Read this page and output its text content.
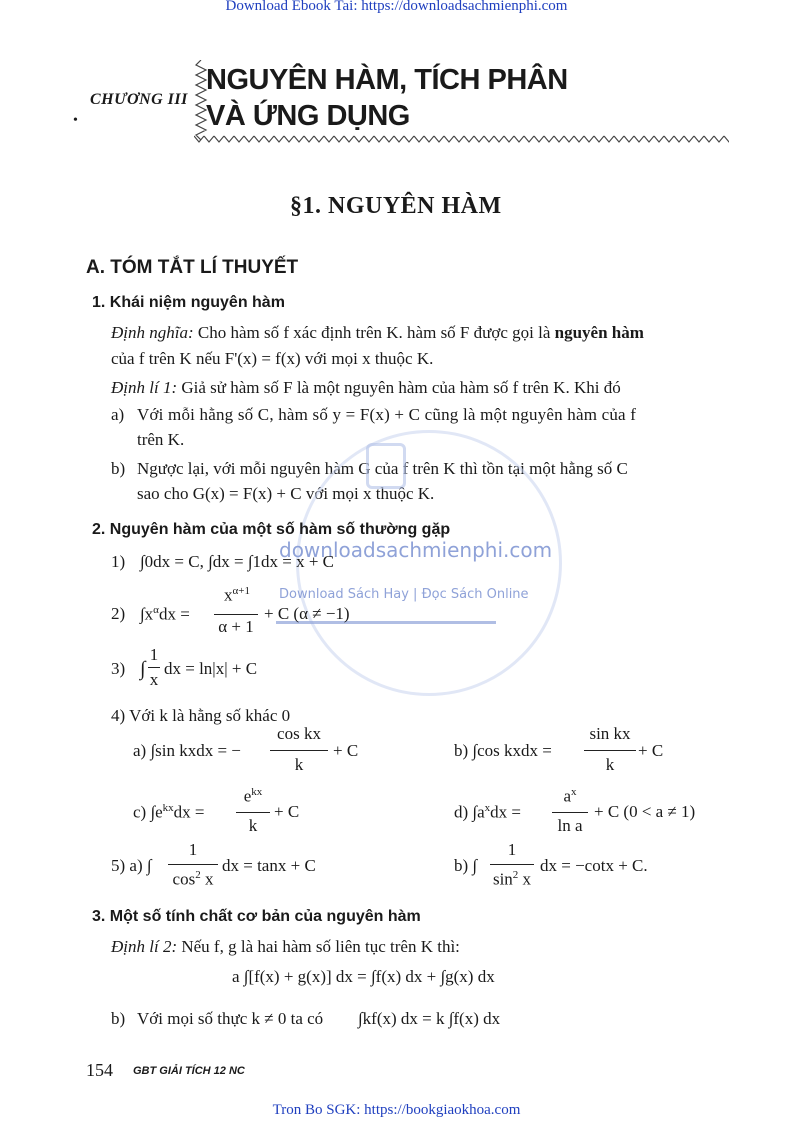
Download Ebook Tai: https://downloadsachmienphi.com
Tron Bo SGK: https://bookgiaokhoa.com
CHƯƠNG III
•
NGUYÊN HÀM, TÍCH PHÂN
VÀ ỨNG DỤNG
§1. NGUYÊN HÀM
A. TÓM TẮT LÍ THUYẾT
1. Khái niệm nguyên hàm
Định nghĩa: Cho hàm số f xác định trên K. hàm số F được gọi là nguyên hàm
của f trên K nếu F'(x) = f(x) với mọi x thuộc K.
Định lí 1: Giả sử hàm số F là một nguyên hàm của hàm số f trên K. Khi đó
a) Với mỗi hằng số C, hàm số y = F(x) + C cũng là một nguyên hàm của f
trên K.
b) Ngược lại, với mỗi nguyên hàm G của f trên K thì tồn tại một hằng số C
sao cho G(x) = F(x) + C với mọi x thuộc K.
downloadsachmienphi.com
Download Sách Hay | Đọc Sách Online
2. Nguyên hàm của một số hàm số thường gặp
1) ∫0dx = C, ∫dx = ∫1dx = x + C
2) $\int x^\alpha dx$ =
$x^{\alpha+1}$
α + 1
+ C (α ≠ −1)
3) ∫
1
x
dx = ln|x| + C
4) Với k là hằng số khác 0
a) ∫sin kxdx = −
cos kx
k
+ C	b) ∫cos kxdx =
sin kx
k
+ C
c) $\int e^{kx}dx$ =
$e^{kx}$
k
+ C	d) $\int a^xdx$ =
$a^x$
ln a
+ C (0 < a ≠ 1)
5) a) ∫
1
$\cos^2 x$
dx = tanx + C	b) ∫
1
$\sin^2 x$
dx = −cotx + C.
3. Một số tính chất cơ bản của nguyên hàm
Định lí 2: Nếu f, g là hai hàm số liên tục trên K thì:
a ∫[f(x) + g(x)] dx = ∫f(x) dx + ∫g(x) dx
b) Với mọi số thực k ≠ 0 ta có ∫kf(x) dx = k ∫f(x) dx
154 GBT GIẢI TÍCH 12 NC
